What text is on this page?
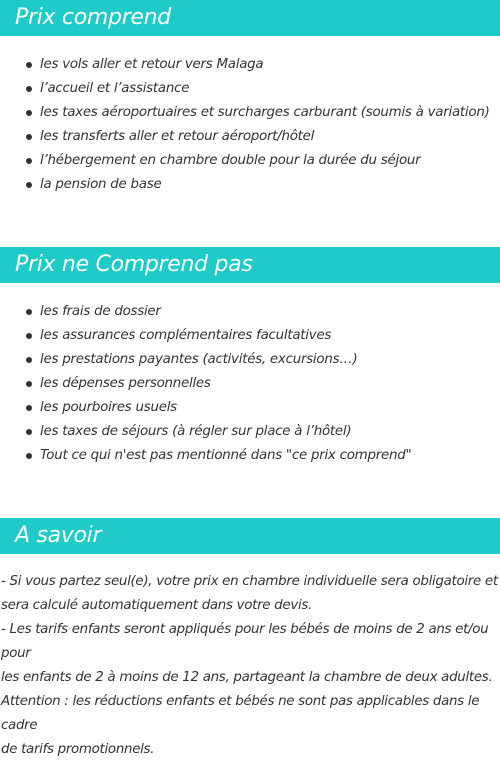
Prix comprend
les vols aller et retour vers Malaga
l’accueil et l’assistance
les taxes aéroportuaires et surcharges carburant (soumis à variation)
les transferts aller et retour aéroport/hôtel
l’hébergement en chambre double pour la durée du séjour
la pension de base
Prix ne Comprend pas
les frais de dossier
les assurances complémentaires facultatives
les prestations payantes (activités, excursions…)
les dépenses personnelles
les pourboires usuels
les taxes de séjours (à régler sur place à l’hôtel)
Tout ce qui n'est pas mentionné dans "ce prix comprend"
A savoir

- Si vous partez seul(e), votre prix en chambre individuelle sera obligatoire et

sera calculé automatiquement dans votre devis.

- Les tarifs enfants seront appliqués pour les bébés de moins de 2 ans et/ou pour

les enfants de 2 à moins de 12 ans, partageant la chambre de deux adultes.

Attention : les réductions enfants et bébés ne sont pas applicables dans le cadre

de tarifs promotionnels.
